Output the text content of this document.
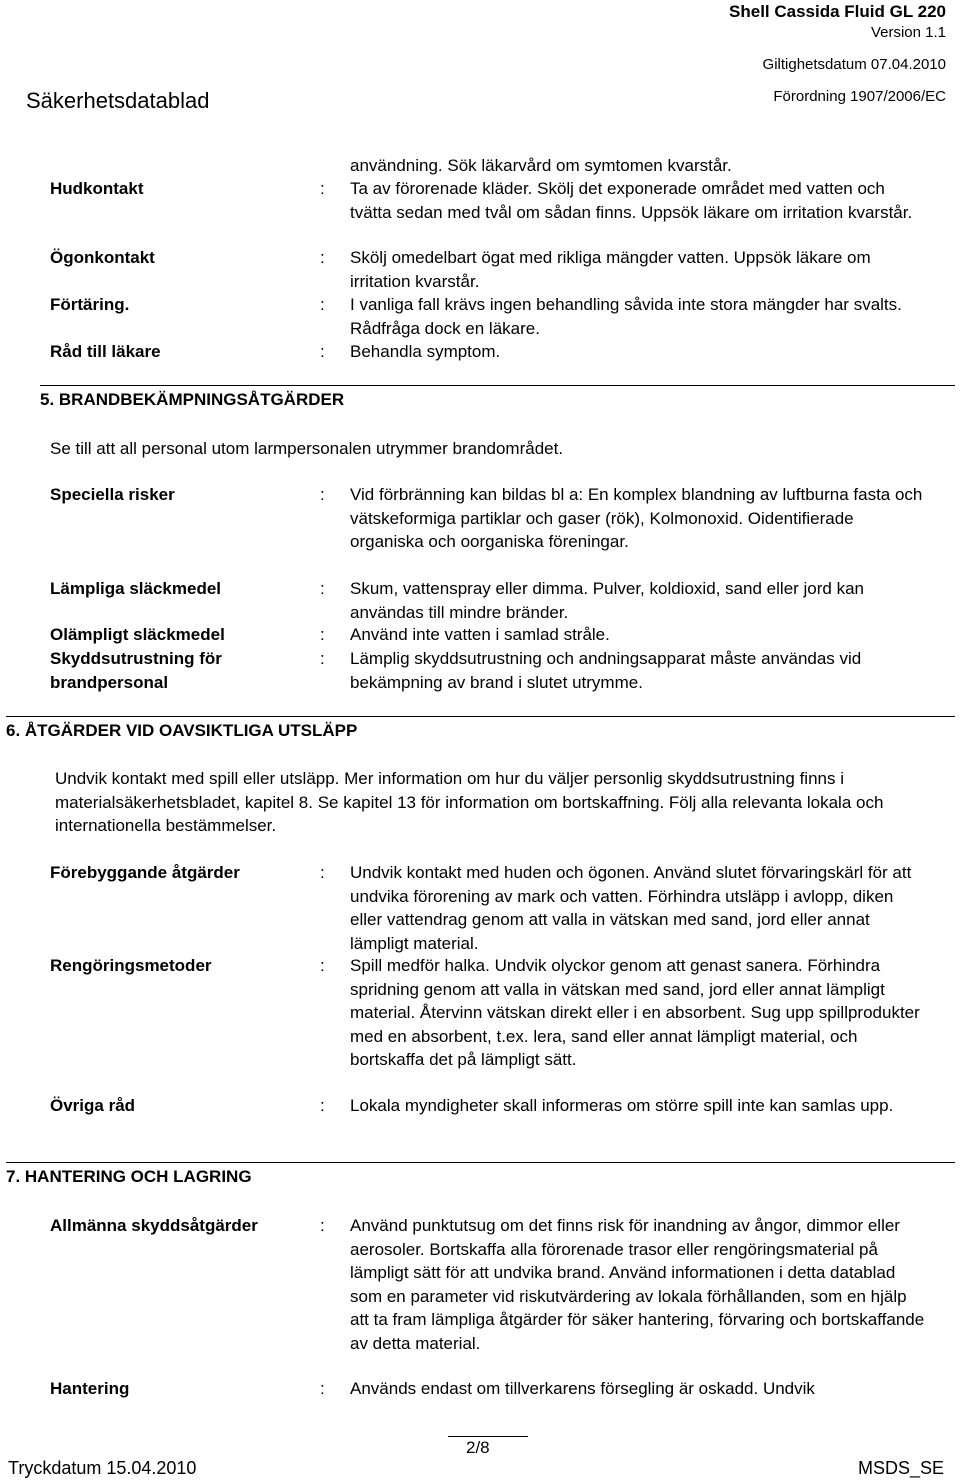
Säkerhetsdatablad
Shell Cassida Fluid GL 220
Version 1.1
Giltighetsdatum 07.04.2010
Förordning 1907/2006/EC
användning. Sök läkarvård om symtomen kvarstår.
Hudkontakt	: Ta av förorenade kläder. Skölj det exponerade området med vatten och tvätta sedan med tvål om sådan finns. Uppsök läkare om irritation kvarstår.
Ögonkontakt	: Skölj omedelbart ögat med rikliga mängder vatten. Uppsök läkare om irritation kvarstår.
Förtäring.	: I vanliga fall krävs ingen behandling såvida inte stora mängder har svalts. Rådfråga dock en läkare.
Råd till läkare	: Behandla symptom.
5. BRANDBEKÄMPNINGSÅTGÄRDER
Se till att all personal utom larmpersonalen utrymmer brandområdet.
Speciella risker	: Vid förbränning kan bildas bl a: En komplex blandning av luftburna fasta och vätskeformiga partiklar och gaser (rök), Kolmonoxid. Oidentifierade organiska och oorganiska föreningar.
Lämpliga släckmedel	: Skum, vattenspray eller dimma. Pulver, koldioxid, sand eller jord kan användas till mindre bränder.
Olämpligt släckmedel	: Använd inte vatten i samlad stråle.
Skyddsutrustning för brandpersonal
: Lämplig skyddsutrustning och andningsapparat måste användas vid bekämpning av brand i slutet utrymme.
6. ÅTGÄRDER VID OAVSIKTLIGA UTSLÄPP
Undvik kontakt med spill eller utsläpp. Mer information om hur du väljer personlig skyddsutrustning finns i materialsäkerhetsbladet, kapitel 8. Se kapitel 13 för information om bortskaffning. Följ alla relevanta lokala och internationella bestämmelser.
Förebyggande åtgärder	: Undvik kontakt med huden och ögonen. Använd slutet förvaringskärl för att undvika förorening av mark och vatten. Förhindra utsläpp i avlopp, diken eller vattendrag genom att valla in vätskan med sand, jord eller annat lämpligt material.
Rengöringsmetoder	: Spill medför halka. Undvik olyckor genom att genast sanera. Förhindra spridning genom att valla in vätskan med sand, jord eller annat lämpligt material. Återvinn vätskan direkt eller i en absorbent. Sug upp spillprodukter med en absorbent, t.ex. lera, sand eller annat lämpligt material, och bortskaffa det på lämpligt sätt.
Övriga råd	: Lokala myndigheter skall informeras om större spill inte kan samlas upp.
7. HANTERING OCH LAGRING
Allmänna skyddsåtgärder	: Använd punktutsug om det finns risk för inandning av ångor, dimmor eller aerosoler. Bortskaffa alla förorenade trasor eller rengöringsmaterial på lämpligt sätt för att undvika brand. Använd informationen i detta datablad som en parameter vid riskutvärdering av lokala förhållanden, som en hjälp att ta fram lämpliga åtgärder för säker hantering, förvaring och bortskaffande av detta material.
Hantering	: Används endast om tillverkarens försegling är oskadd. Undvik
2/8
Tryckdatum 15.04.2010	MSDS_SE
